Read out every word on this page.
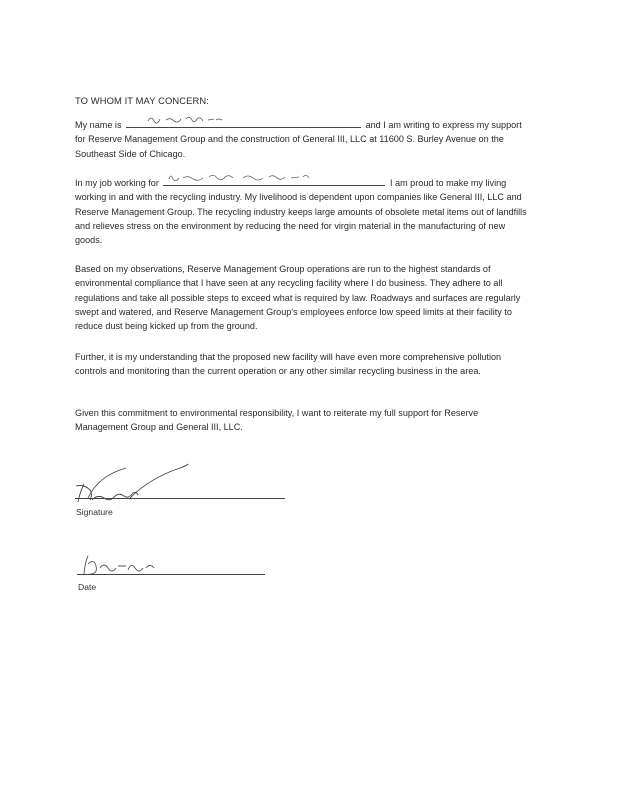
TO WHOM IT MAY CONCERN:

My name is	and I am writing to express my support for Reserve Management Group and the construction of General III, LLC at 11600 S. Burley Avenue on the Southeast Side of Chicago.

In my job working for	I am proud to make my living working in and with the recycling industry. My livelihood is dependent upon companies like General III, LLC and Reserve Management Group. The recycling industry keeps large amounts of obsolete metal items out of landfills and relieves stress on the environment by reducing the need for virgin material in the manufacturing of new goods.

Based on my observations, Reserve Management Group operations are run to the highest standards of environmental compliance that I have seen at any recycling facility where I do business. They adhere to all regulations and take all possible steps to exceed what is required by law. Roadways and surfaces are regularly swept and watered, and Reserve Management Group's employees enforce low speed limits at their facility to reduce dust being kicked up from the ground.

Further, it is my understanding that the proposed new facility will have even more comprehensive pollution controls and monitoring than the current operation or any other similar recycling business in the area.

Given this commitment to environmental responsibility, I want to reiterate my full support for Reserve Management Group and General III, LLC.

Signature
Date
